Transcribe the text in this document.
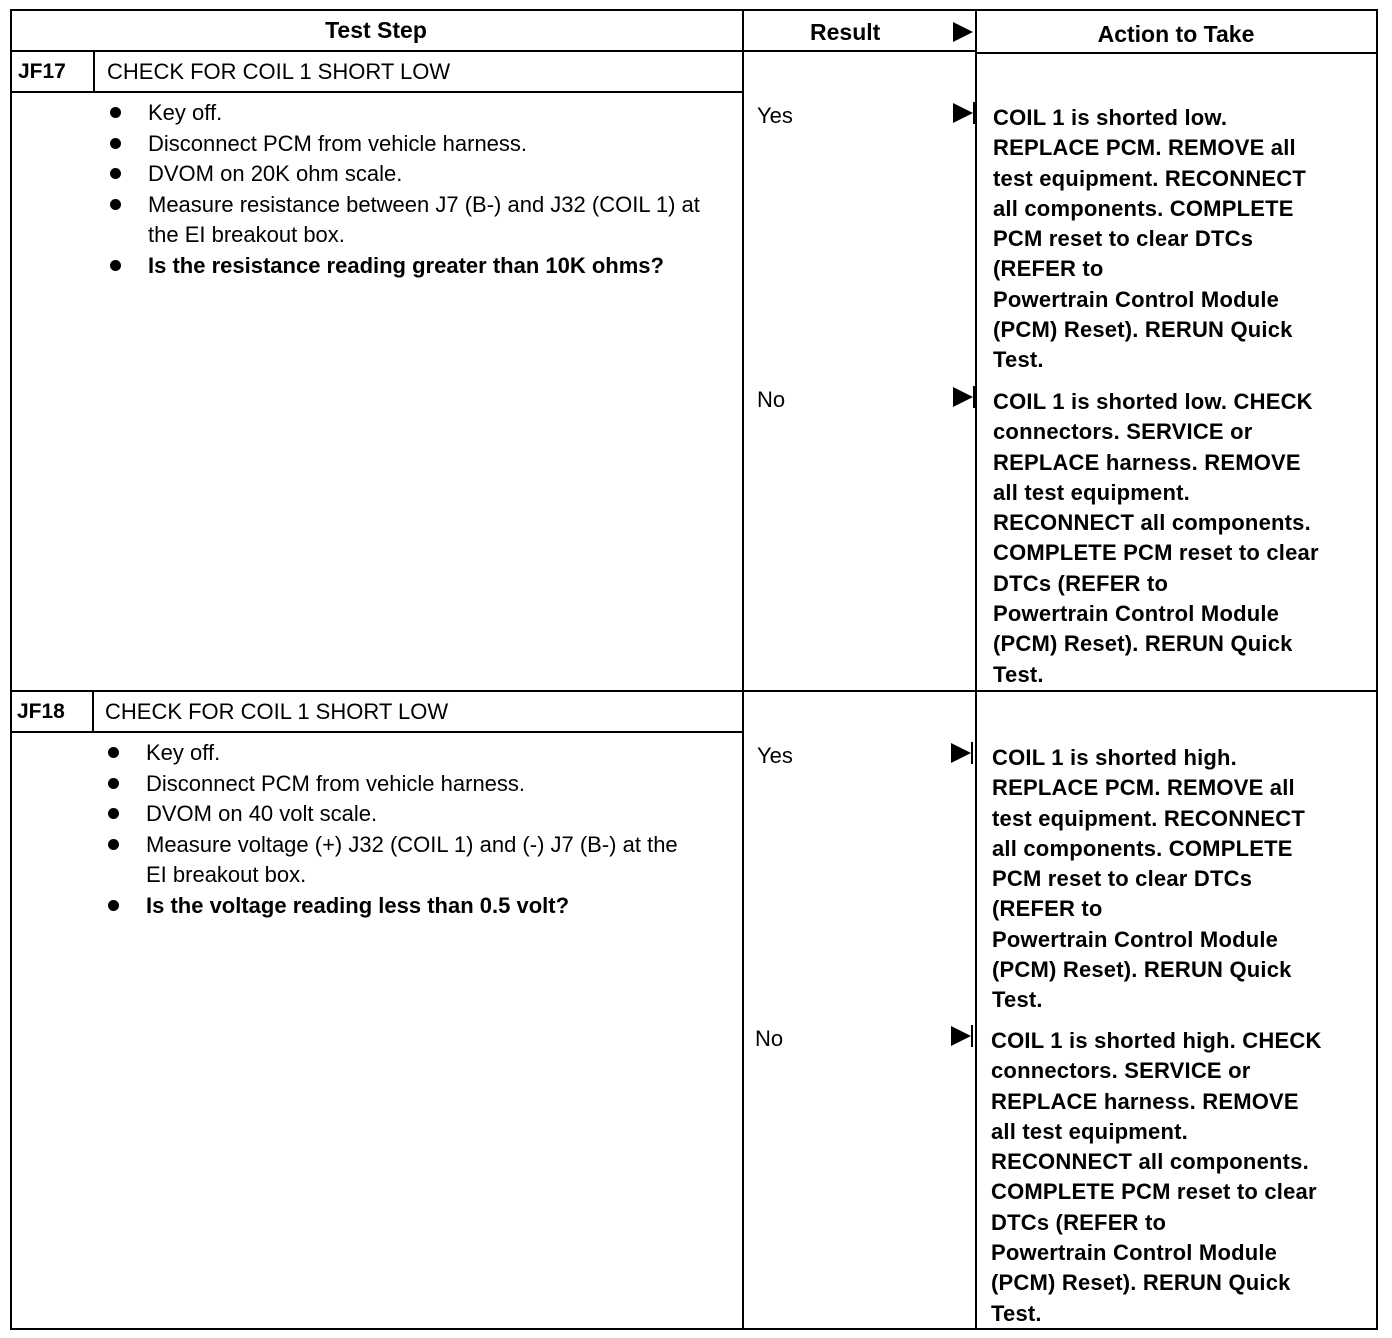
Test Step	Result	Action to Take
JF17 CHECK FOR COIL 1 SHORT LOW
Key off.
Disconnect PCM from vehicle harness.
DVOM on 20K ohm scale.
Measure resistance between J7 (B-) and J32 (COIL 1) at the EI breakout box.
Is the resistance reading greater than 10K ohms?
Yes	COIL 1 is shorted low.
REPLACE PCM. REMOVE all
test equipment. RECONNECT
all components. COMPLETE
PCM reset to clear DTCs
(REFER to
Powertrain Control Module
(PCM) Reset). RERUN Quick
Test.
No	COIL 1 is shorted low. CHECK
connectors. SERVICE or
REPLACE harness. REMOVE
all test equipment.
RECONNECT all components.
COMPLETE PCM reset to clear
DTCs (REFER to
Powertrain Control Module
(PCM) Reset). RERUN Quick
Test.
JF18 CHECK FOR COIL 1 SHORT LOW
Key off.
Disconnect PCM from vehicle harness.
DVOM on 40 volt scale.
Measure voltage (+) J32 (COIL 1) and (-) J7 (B-) at the EI breakout box.
Is the voltage reading less than 0.5 volt?
Yes	COIL 1 is shorted high.
REPLACE PCM. REMOVE all
test equipment. RECONNECT
all components. COMPLETE
PCM reset to clear DTCs
(REFER to
Powertrain Control Module
(PCM) Reset). RERUN Quick
Test.
No	COIL 1 is shorted high. CHECK
connectors. SERVICE or
REPLACE harness. REMOVE
all test equipment.
RECONNECT all components.
COMPLETE PCM reset to clear
DTCs (REFER to
Powertrain Control Module
(PCM) Reset). RERUN Quick
Test.
